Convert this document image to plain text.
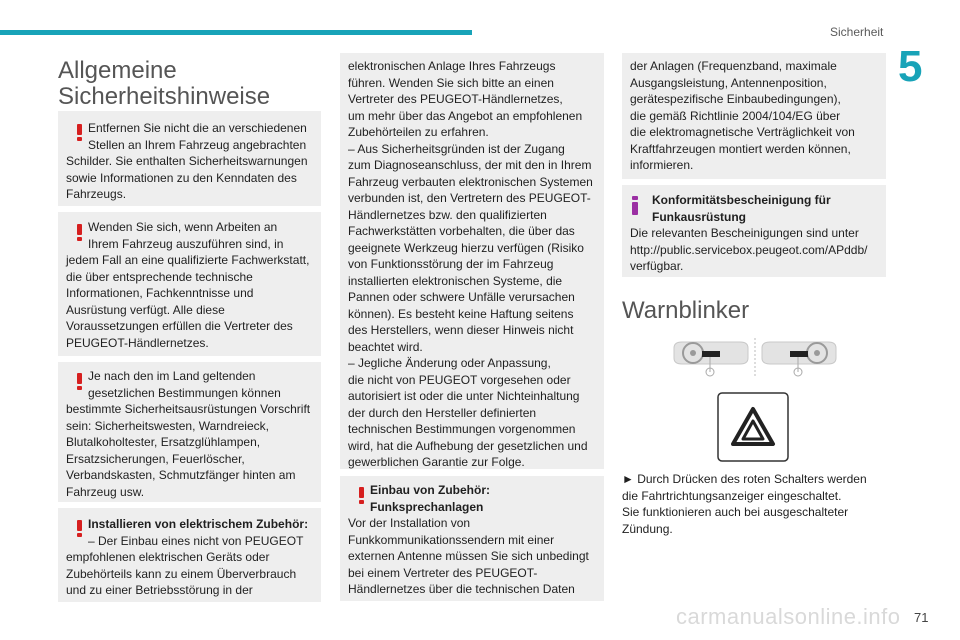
Sicherheit
5
Allgemeine
Sicherheitshinweise

Entfernen Sie nicht die an verschiedenen

Stellen an Ihrem Fahrzeug angebrachten

Schilder. Sie enthalten Sicherheitswarnungen

sowie Informationen zu den Kenndaten des

Fahrzeugs.

Wenden Sie sich, wenn Arbeiten an

Ihrem Fahrzeug auszuführen sind, in

jedem Fall an eine qualifizierte Fachwerkstatt,

die über entsprechende technische

Informationen, Fachkenntnisse und

Ausrüstung verfügt. Alle diese

Voraussetzungen erfüllen die Vertreter des

PEUGEOT-Händlernetzes.

Je nach den im Land geltenden

gesetzlichen Bestimmungen können

bestimmte Sicherheitsausrüstungen Vorschrift

sein: Sicherheitswesten, Warndreieck,

Blutalkoholtester, Ersatzglühlampen,

Ersatzsicherungen, Feuerlöscher,

Verbandskasten, Schmutzfänger hinten am

Fahrzeug usw.

Installieren von elektrischem Zubehör:

– Der Einbau eines nicht von PEUGEOT

empfohlenen elektrischen Geräts oder

Zubehörteils kann zu einem Überverbrauch

und zu einer Betriebsstörung in der

elektronischen Anlage Ihres Fahrzeugs

führen. Wenden Sie sich bitte an einen

Vertreter des PEUGEOT-Händlernetzes,

um mehr über das Angebot an empfohlenen

Zubehörteilen zu erfahren.

– Aus Sicherheitsgründen ist der Zugang

zum Diagnoseanschluss, der mit den in Ihrem

Fahrzeug verbauten elektronischen Systemen

verbunden ist, den Vertretern des PEUGEOT-

Händlernetzes bzw. den qualifizierten

Fachwerkstätten vorbehalten, die über das

geeignete Werkzeug hierzu verfügen (Risiko

von Funktionsstörung der im Fahrzeug

installierten elektronischen Systeme, die

Pannen oder schwere Unfälle verursachen

können). Es besteht keine Haftung seitens

des Herstellers, wenn dieser Hinweis nicht

beachtet wird.

– Jegliche Änderung oder Anpassung,

die nicht von PEUGEOT vorgesehen oder

autorisiert ist oder die unter Nichteinhaltung

der durch den Hersteller definierten

technischen Bestimmungen vorgenommen

wird, hat die Aufhebung der gesetzlichen und

gewerblichen Garantie zur Folge.

Einbau von Zubehör:

Funksprechanlagen

Vor der Installation von

Funkkommunikationssendern mit einer

externen Antenne müssen Sie sich unbedingt

bei einem Vertreter des PEUGEOT-

Händlernetzes über die technischen Daten

der Anlagen (Frequenzband, maximale

Ausgangsleistung, Antennenposition,

gerätespezifische Einbaubedingungen),

die gemäß Richtlinie 2004/104/EG über

die elektromagnetische Verträglichkeit von

Kraftfahrzeugen montiert werden können,

informieren.

Konformitätsbescheinigung für

Funkausrüstung

Die relevanten Bescheinigungen sind unter

http://public.servicebox.peugeot.com/APddb/

verfügbar.

Warnblinker

► Durch Drücken des roten Schalters werden

die Fahrtrichtungsanzeiger eingeschaltet.

Sie funktionieren auch bei ausgeschalteter

Zündung.

carmanualsonline.info 71
